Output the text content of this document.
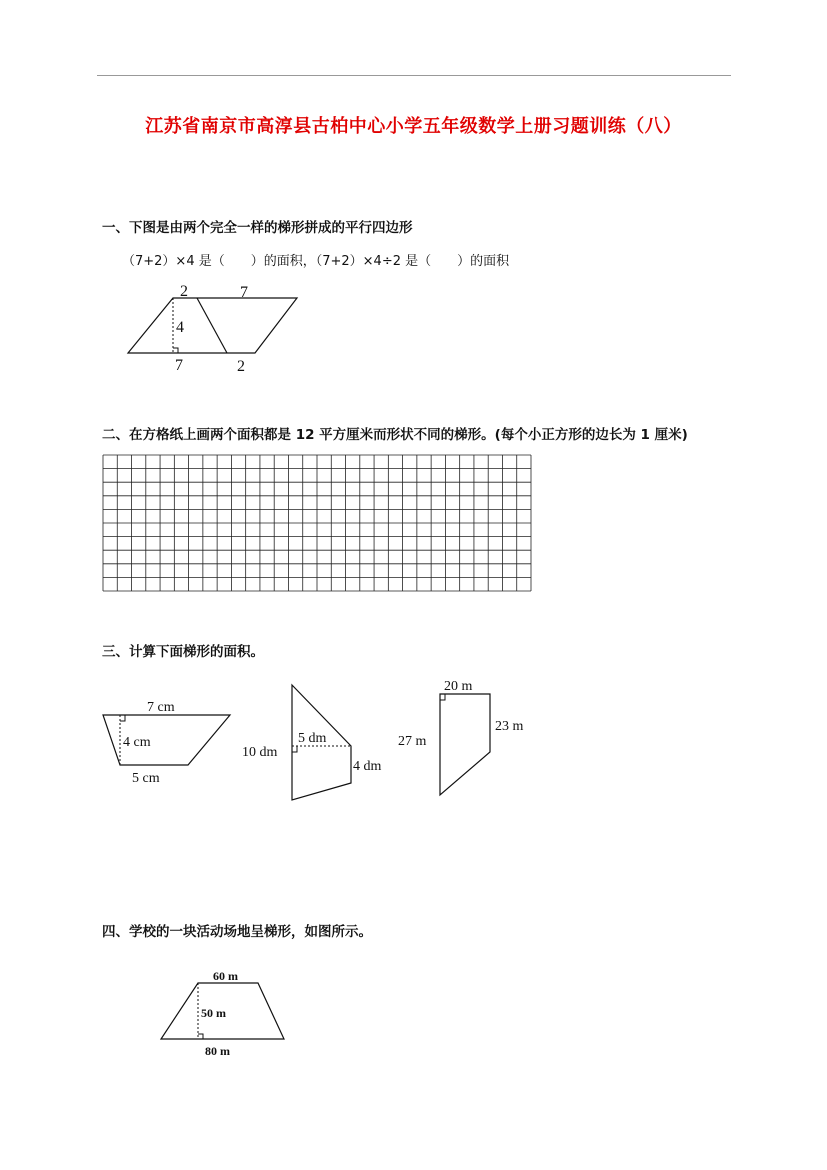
江苏省南京市高淳县古柏中心小学五年级数学上册习题训练（八）
一、下图是由两个完全一样的梯形拼成的平行四边形
（7+2）×4 是（　　）的面积，（7+2）×4÷2 是（　　）的面积
2	7
4
7	2
二、在方格纸上画两个面积都是 12 平方厘米而形状不同的梯形。(每个小正方形的边长为 1 厘米)
三、计算下面梯形的面积。
7 cm
4 cm
5 cm
10 dm
5 dm
4 dm
20 m
27 m
23 m
四、学校的一块活动场地呈梯形，如图所示。
60 m
50 m
80 m
